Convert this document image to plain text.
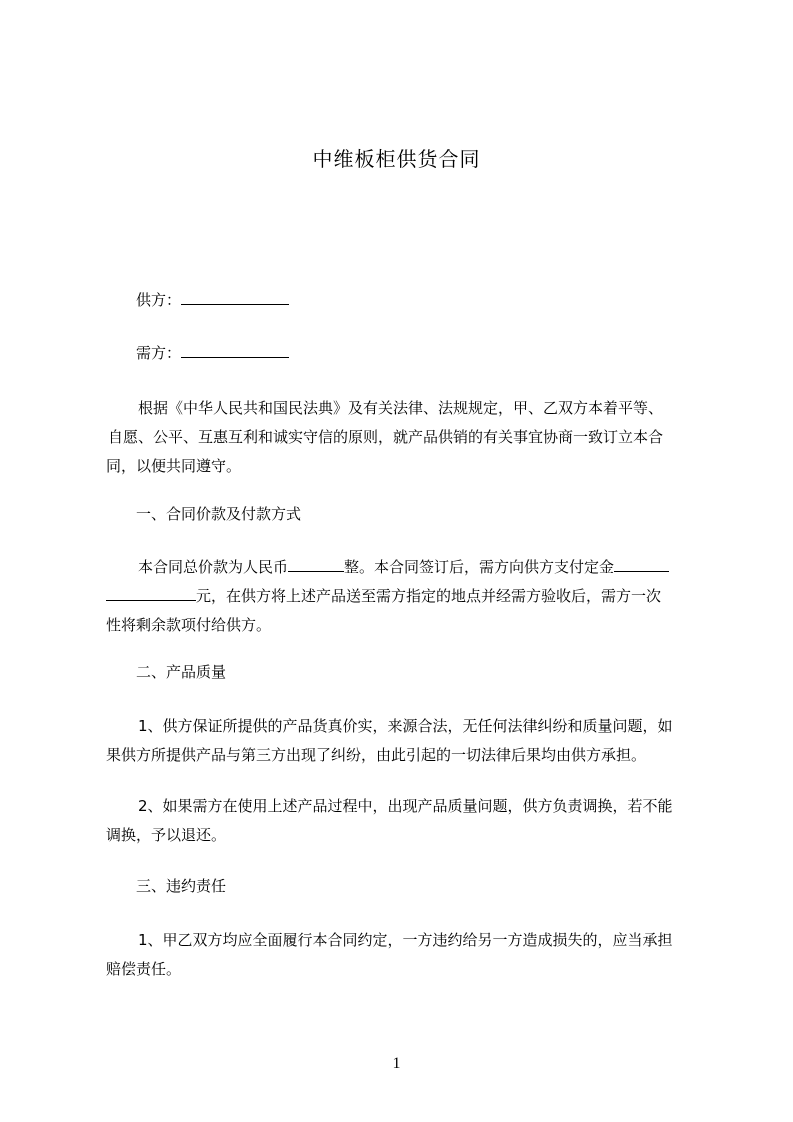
中维板柜供货合同
供方：
需方：
根据《中华人民共和国民法典》及有关法律、法规规定，甲、乙双方本着平等、
自愿、公平、互惠互利和诚实守信的原则，就产品供销的有关事宜协商一致订立本合
同，以便共同遵守。
一、合同价款及付款方式
本合同总价款为人民币	整。本合同签订后，需方向供方支付定金
元，在供方将上述产品送至需方指定的地点并经需方验收后，需方一次
性将剩余款项付给供方。
二、产品质量
1、供方保证所提供的产品货真价实，来源合法，无任何法律纠纷和质量问题，如
果供方所提供产品与第三方出现了纠纷，由此引起的一切法律后果均由供方承担。
2、如果需方在使用上述产品过程中，出现产品质量问题，供方负责调换，若不能
调换，予以退还。
三、违约责任
1、甲乙双方均应全面履行本合同约定，一方违约给另一方造成损失的，应当承担
赔偿责任。
1
